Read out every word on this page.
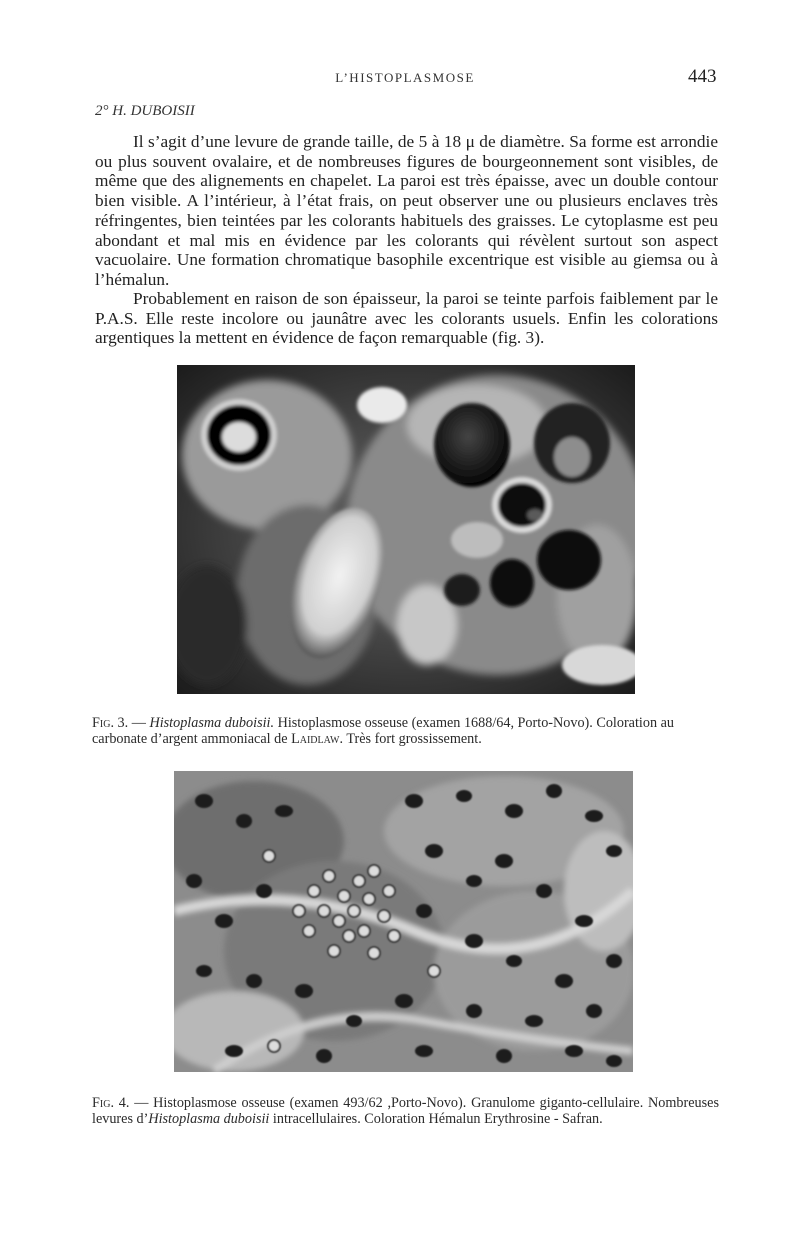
L’HISTOPLASMOSE	443
2° H. DUBOISII
Il s’agit d’une levure de grande taille, de 5 à 18 μ de diamètre. Sa forme est arrondie ou plus souvent ovalaire, et de nombreuses figures de bourgeonnement sont visibles, de même que des alignements en chapelet. La paroi est très épaisse, avec un double contour bien visible. A l’intérieur, à l’état frais, on peut observer une ou plusieurs enclaves très réfringentes, bien teintées par les colorants habituels des graisses. Le cytoplasme est peu abondant et mal mis en évidence par les colorants qui révèlent surtout son aspect vacuolaire. Une formation chromatique basophile excentrique est visible au giemsa ou à l’hémalun.
Probablement en raison de son épaisseur, la paroi se teinte parfois faiblement par le P.A.S. Elle reste incolore ou jaunâtre avec les colorants usuels. Enfin les colorations argentiques la mettent en évidence de façon remarquable (fig. 3).
Fig. 3. — Histoplasma duboisii. Histoplasmose osseuse (examen 1688/64, Porto-Novo). Coloration au carbonate d’argent ammoniacal de Laidlaw. Très fort grossissement.
Fig. 4. — Histoplasmose osseuse (examen 493/62 ,Porto-Novo). Granulome giganto-cellulaire. Nombreuses levures d’Histoplasma duboisii intracellulaires. Coloration Hémalun Erythrosine - Safran.
